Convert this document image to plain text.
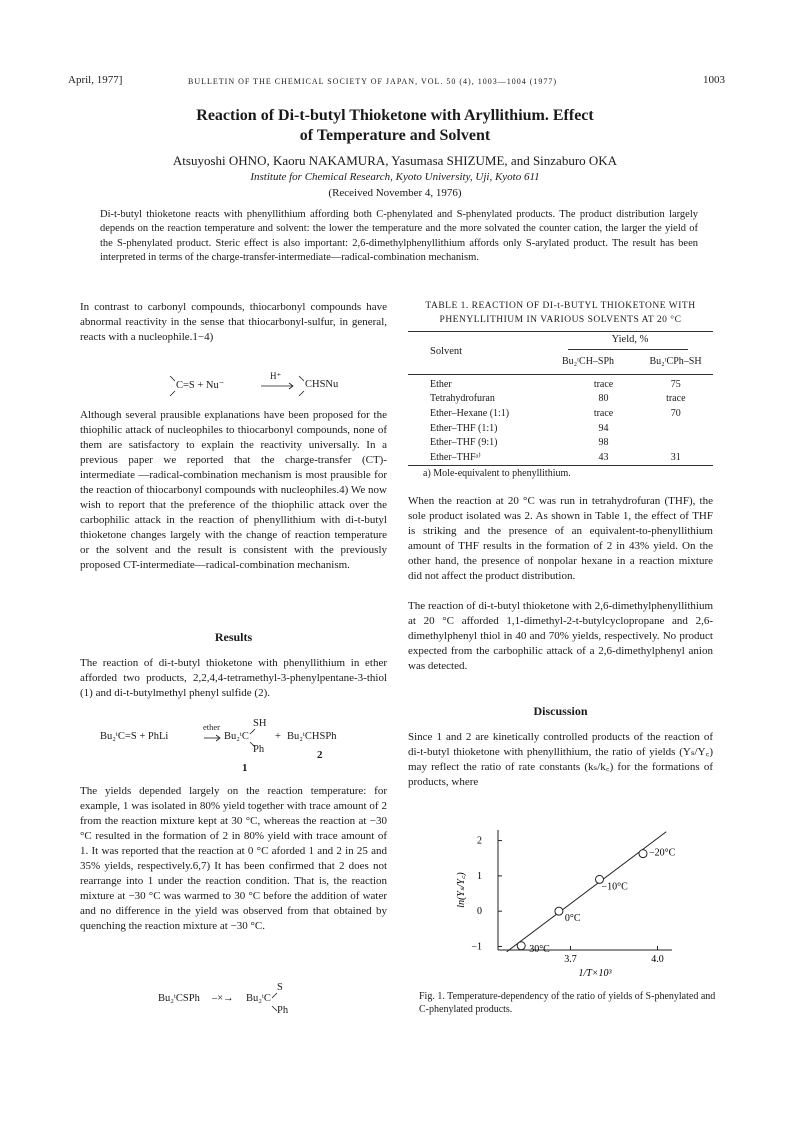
April, 1977]	BULLETIN OF THE CHEMICAL SOCIETY OF JAPAN, VOL. 50 (4), 1003—1004 (1977)	1003
Reaction of Di-t-butyl Thioketone with Aryllithium. Effect
of Temperature and Solvent
Atsuyoshi OHNO, Kaoru NAKAMURA, Yasumasa SHIZUME, and Sinzaburo OKA
Institute for Chemical Research, Kyoto University, Uji, Kyoto 611
(Received November 4, 1976)
Di-t-butyl thioketone reacts with phenyllithium affording both C-phenylated and S-phenylated products. The product distribution largely depends on the reaction temperature and solvent: the lower the temperature and the more solvated the counter cation, the larger the yield of the S-phenylated product. Steric effect is also important: 2,6-dimethylphenyllithium affords only S-arylated product. The result has been interpreted in terms of the charge-transfer-intermediate—radical-combination mechanism.
In contrast to carbonyl compounds, thiocarbonyl compounds have abnormal reactivity in the sense that thiocarbonyl-sulfur, in general, reacts with a nucleophile.1−4)
C=S + Nu⁻
H⁺
CHSNu
Although several prausible explanations have been proposed for the thiophilic attack of nucleophiles to thiocarbonyl compounds, none of them are satisfactory to explain the reactivity universally. In a previous paper we reported that the charge-transfer (CT)-intermediate —radical-combination mechanism is most prausible for the reaction of thiocarbonyl compounds with nucleophiles.4) We now wish to report that the preference of the thiophilic attack over the carbophilic attack in the reaction of phenyllithium with di-t-butyl thioketone changes largely with the change of reaction temperature or the solvent and the result is consistent with the previously proposed CT-intermediate—radical-combination mechanism.
Results
The reaction of di-t-butyl thioketone with phenyllithium in ether afforded two products, 2,2,4,4-tetramethyl-3-phenylpentane-3-thiol (1) and di-t-butylmethyl phenyl sulfide (2).
ether
Bu₂ᵗC=S + PhLi	Bu₂ᵗC
SH
Ph
1
+ Bu₂ᵗCHSPh
2
The yields depended largely on the reaction temperature: for example, 1 was isolated in 80% yield together with trace amount of 2 from the reaction mixture kept at 30 °C, whereas the reaction at −30 °C resulted in the formation of 2 in 80% yield with trace amount of 1. It was reported that the reaction at 0 °C aforded 1 and 2 in 25 and 35% yields, respectively.6,7) It has been confirmed that 2 does not rearrange into 1 under the reaction condition. That is, the reaction mixture at −30 °C was warmed to 30 °C before the addition of water and no difference in the yield was observed from that obtained by quenching the reaction mixture at −30 °C.
Bu₂ᵗCSPh –×→ Bu₂ᵗC
S
Ph
TABLE 1. REACTION OF DI-t-BUTYL THIOKETONE WITH
PHENYLLITHIUM IN VARIOUS SOLVENTS AT 20 °C
Solvent
Yield, %
Bu₂ᵗCH–SPh	Bu₂ᵗCPh–SH
Ether	trace	75
Tetrahydrofuran	80	trace
Ether–Hexane (1:1)	trace	70
Ether–THF (1:1)	94	
Ether–THF (9:1)	98	
Ether–THFᵃ⁾	43	31
a) Mole-equivalent to phenyllithium.
When the reaction at 20 °C was run in tetrahydrofuran (THF), the sole product isolated was 2. As shown in Table 1, the effect of THF is striking and the presence of an equivalent-to-phenyllithium amount of THF results in the formation of 2 in 43% yield. On the other hand, the presence of nonpolar hexane in a reaction mixture did not affect the product distribution.
The reaction of di-t-butyl thioketone with 2,6-dimethylphenyllithium at 20 °C afforded 1,1-dimethyl-2-t-butylcyclopropane and 2,6-dimethylphenyl thiol in 40 and 70% yields, respectively. No product expected from the carbophilic attack of a 2,6-dimethylphenyl anion was detected.
Discussion
Since 1 and 2 are kinetically controlled products of the reaction of di-t-butyl thioketone with phenyllithium, the ratio of yields (Yₛ/Y꜀) may reflect the ratio of rate constants (kₛ/k꜀) for the formations of products, where
2
1
0
−1
3.7	4.0
30°C
0°C
−10°C
−20°C
1/T×10³
ln(Yₛ/Y꜀)
Fig. 1. Temperature-dependency of the ratio of yields of S-phenylated and C-phenylated products.
